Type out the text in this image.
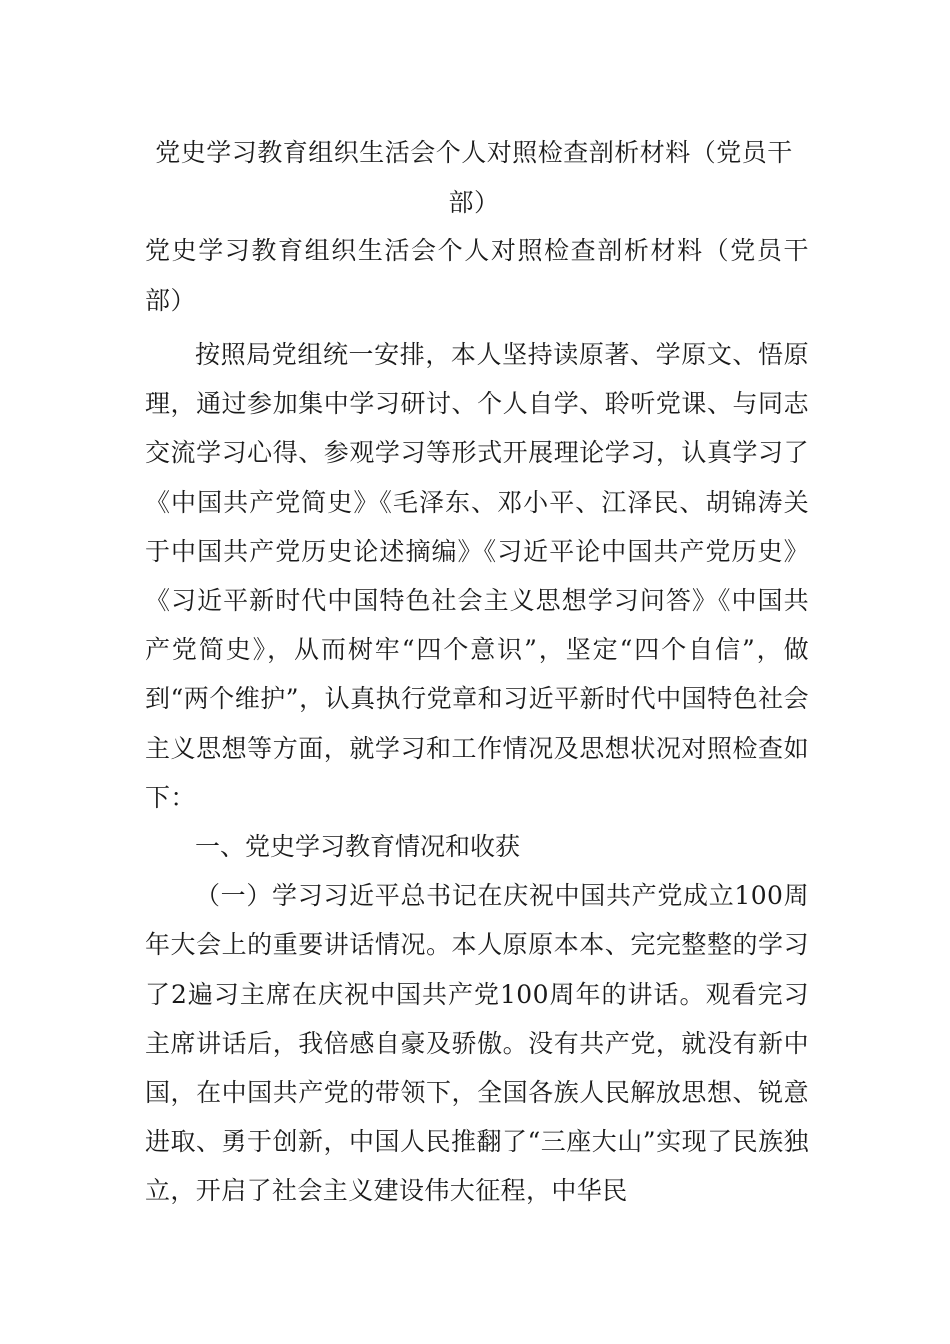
党史学习教育组织生活会个人对照检查剖析材料（党员干部）
党史学习教育组织生活会个人对照检查剖析材料（党员干部）

按照局党组统一安排，本人坚持读原著、学原文、悟原理，通过参加集中学习研讨、个人自学、聆听党课、与同志交流学习心得、参观学习等形式开展理论学习，认真学习了《中国共产党简史》《毛泽东、邓小平、江泽民、胡锦涛关于中国共产党历史论述摘编》《习近平论中国共产党历史》《习近平新时代中国特色社会主义思想学习问答》《中国共产党简史》，从而树牢“四个意识”，坚定“四个自信”，做到“两个维护”，认真执行党章和习近平新时代中国特色社会主义思想等方面，就学习和工作情况及思想状况对照检查如下：

一、党史学习教育情况和收获

（一）学习习近平总书记在庆祝中国共产党成立100周年大会上的重要讲话情况。本人原原本本、完完整整的学习了2遍习主席在庆祝中国共产党100周年的讲话。观看完习主席讲话后，我倍感自豪及骄傲。没有共产党，就没有新中国，在中国共产党的带领下，全国各族人民解放思想、锐意进取、勇于创新，中国人民推翻了“三座大山”实现了民族独立，开启了社会主义建设伟大征程，中华民
